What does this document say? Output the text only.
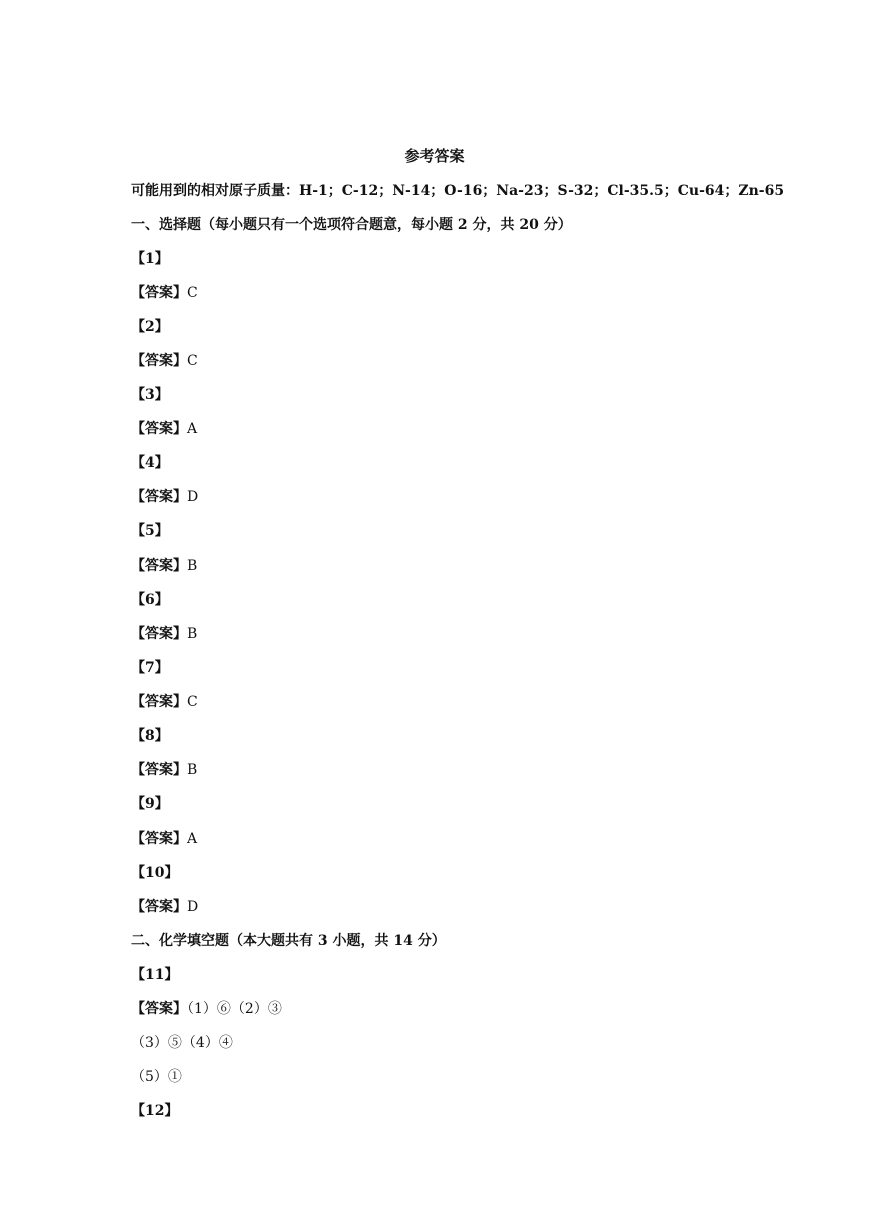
参考答案
可能用到的相对原子质量：H-1；C-12；N-14；O-16；Na-23；S-32；Cl-35.5；Cu-64；Zn-65
一、选择题（每小题只有一个选项符合题意，每小题 2 分，共 20 分）
【1】
【答案】C
【2】
【答案】C
【3】
【答案】A
【4】
【答案】D
【5】
【答案】B
【6】
【答案】B
【7】
【答案】C
【8】
【答案】B
【9】
【答案】A
【10】
【答案】D
二、化学填空题（本大题共有 3 小题，共 14 分）
【11】
【答案】（1）⑥（2）③
（3）⑤（4）④
（5）①
【12】
